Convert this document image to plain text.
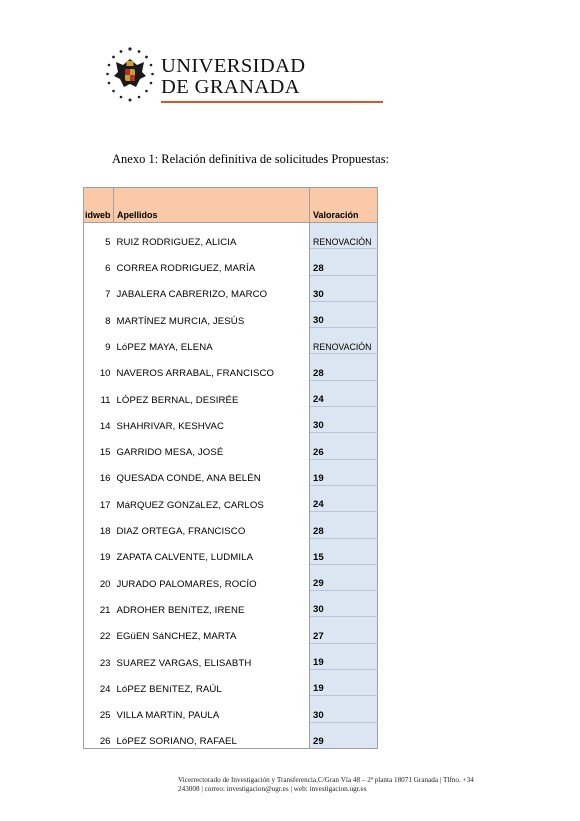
UNIVERSIDAD
DE GRANADA
Anexo 1: Relación definitiva de solicitudes Propuestas:
idweb	Apellidos	Valoración
5	RUIZ RODRIGUEZ, ALICIA	RENOVACIÓN
6	CORREA RODRIGUEZ, MARÍA	28
7	JABALERA CABRERIZO, MARCO	30
8	MARTÍNEZ MURCIA, JESÚS	30
9	LóPEZ MAYA, ELENA	RENOVACIÓN
10	NAVEROS ARRABAL, FRANCISCO	28
11	LÓPEZ BERNAL, DESIRÉE	24
14	SHAHRIVAR, KESHVAC	30
15	GARRIDO MESA, JOSÉ	26
16	QUESADA CONDE, ANA BELÉN	19
17	MáRQUEZ GONZáLEZ, CARLOS	24
18	DIAZ ORTEGA, FRANCISCO	28
19	ZAPATA CALVENTE, LUDMILA	15
20	JURADO PALOMARES, ROCÍO	29
21	ADROHER BENíTEZ, IRENE	30
22	EGüEN SáNCHEZ, MARTA	27
23	SUAREZ VARGAS, ELISABTH	19
24	LóPEZ BENíTEZ, RAÚL	19
25	VILLA MARTíN, PAULA	30
26	LóPEZ SORIANO, RAFAEL	29
Vicerrectorado de Investigación y Transferencia.C/Gran Vía 48 – 2ª planta 18071 Granada | Tlfno. +34
243008 | correo: investigacion@ugr.es | web: investigacion.ugr.es
